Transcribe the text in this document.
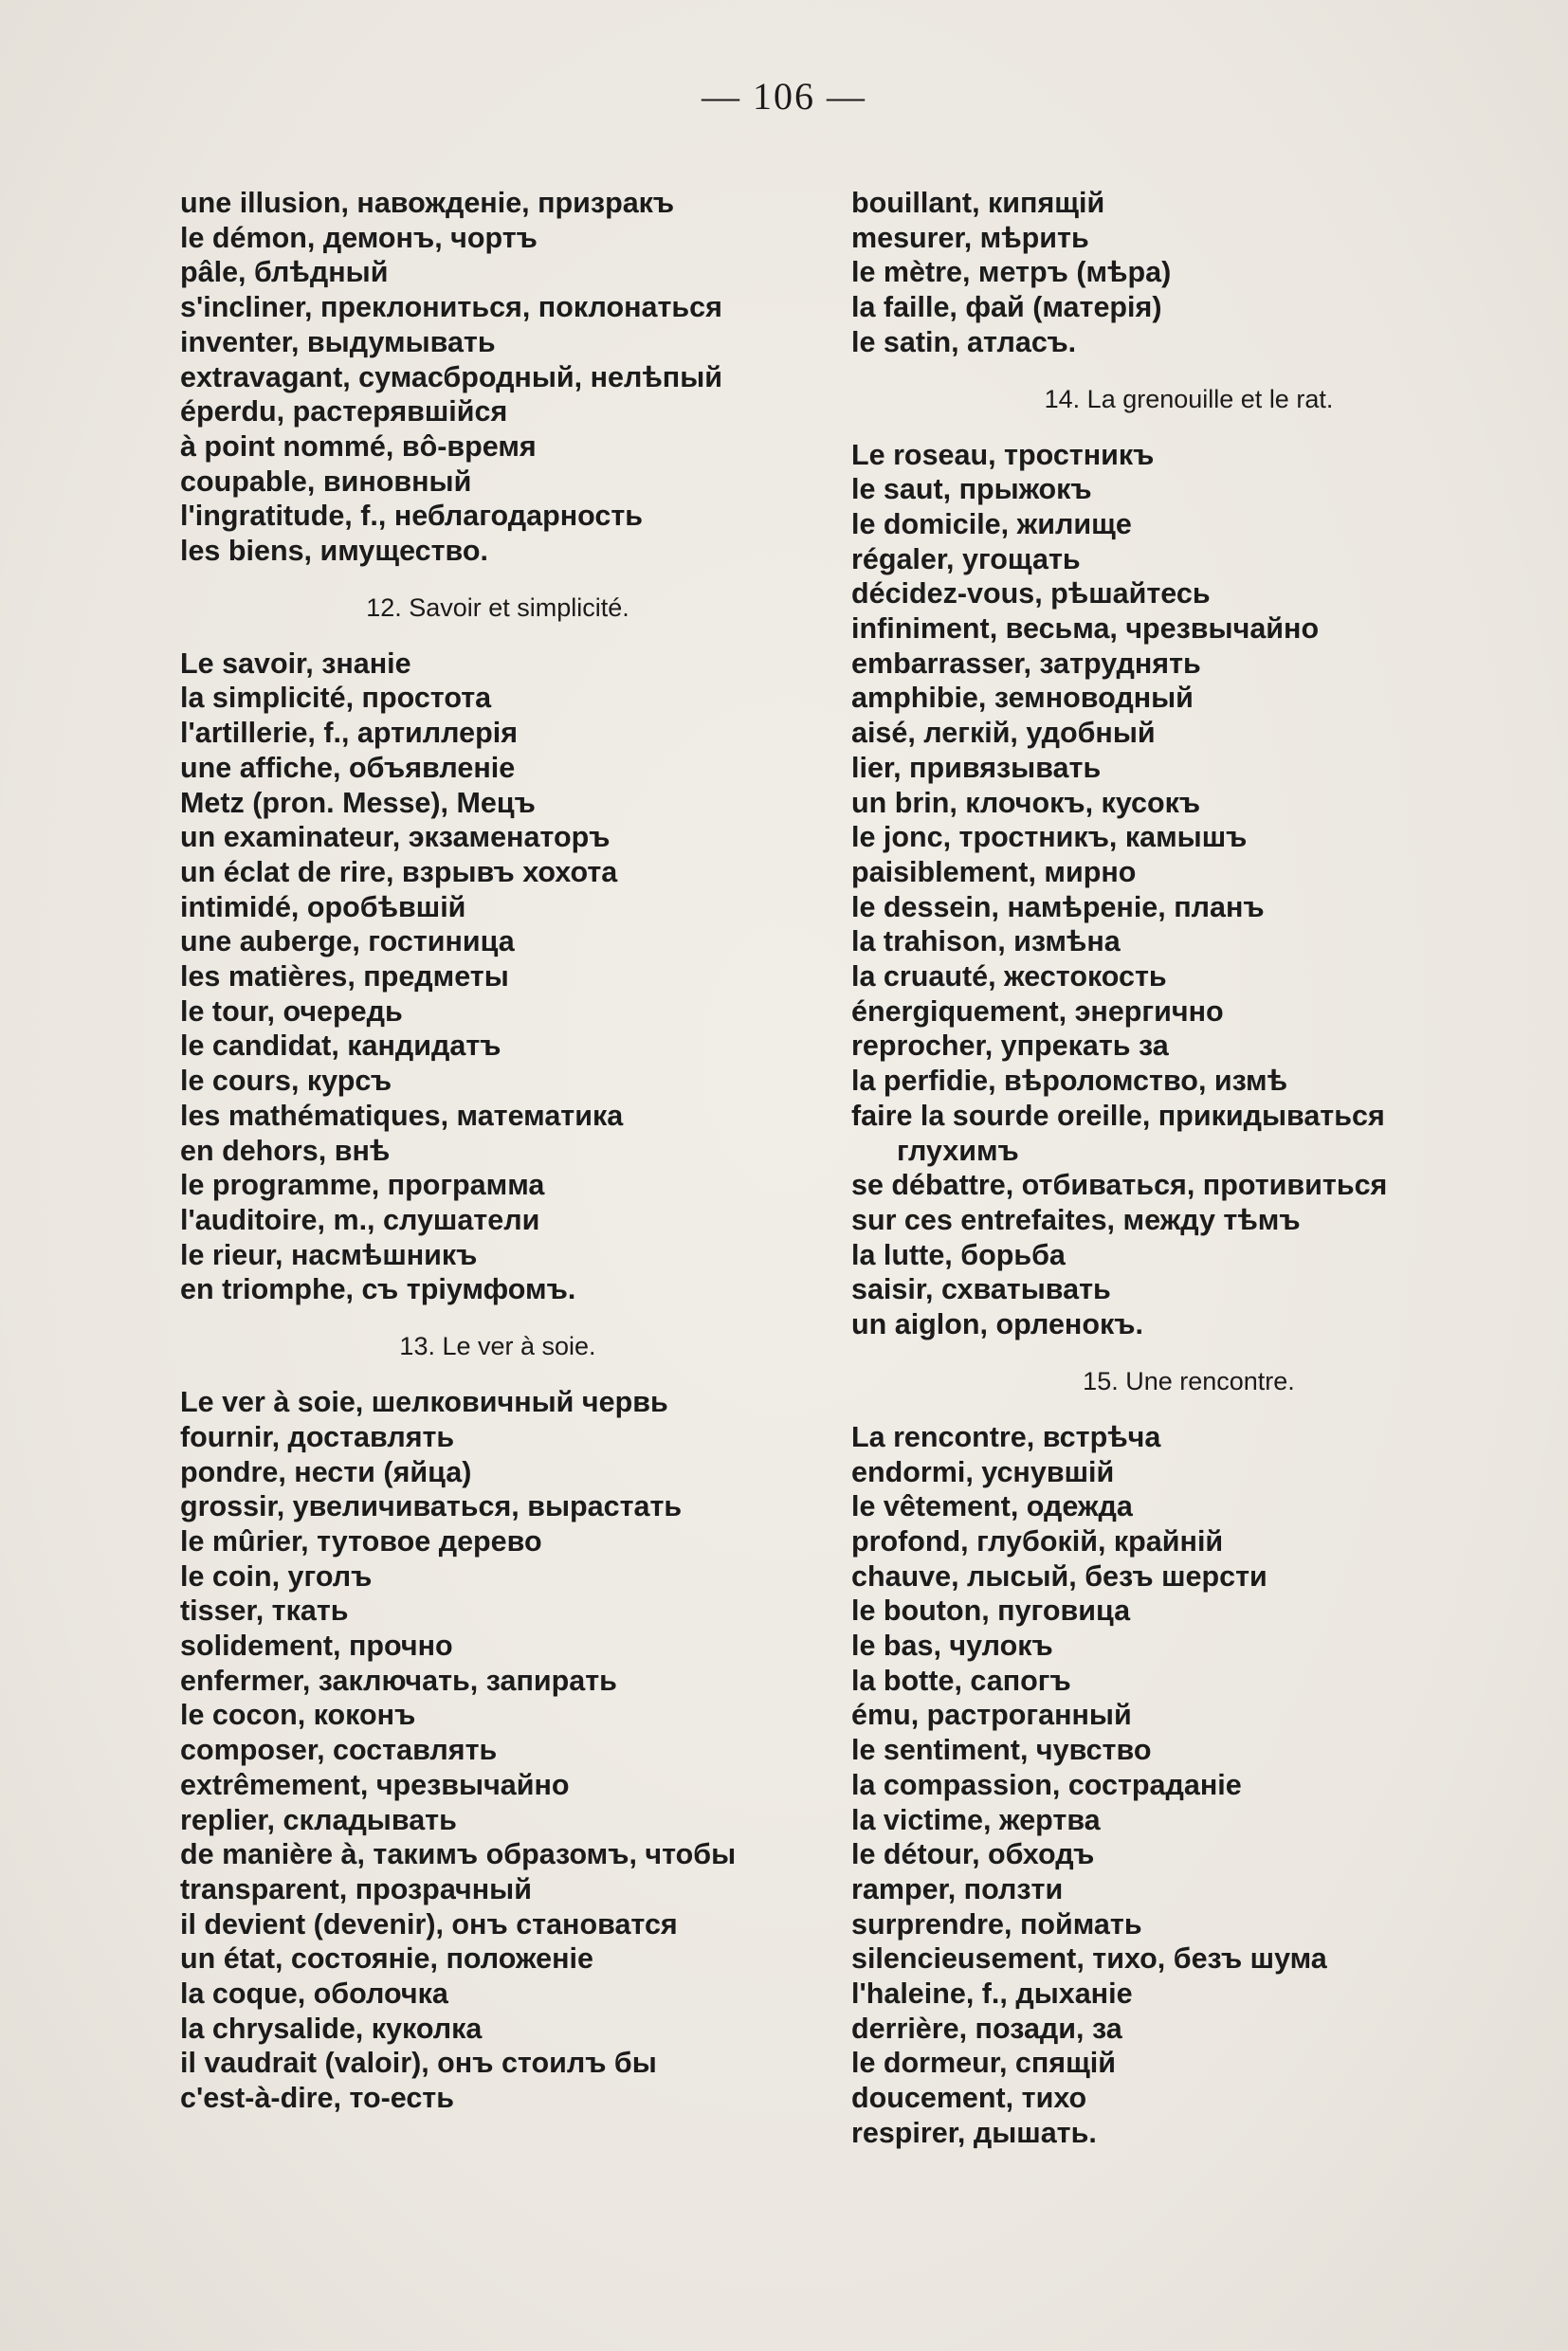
— 106 —
une illusion, навожденіе, призракъ
le démon, демонъ, чортъ
pâle, блѣдный
s'incliner, преклониться, поклонаться
inventer, выдумывать
extravagant, сумасбродный, нелѣпый
éperdu, растерявшійся
à point nommé, вô-время
coupable, виновный
l'ingratitude, f., неблагодарность
les biens, имущество.
12. Savoir et simplicité.
Le savoir, знаніе
la simplicité, простота
l'artillerie, f., артиллерія
une affiche, объявленіе
Metz (pron. Messe), Мецъ
un examinateur, экзаменаторъ
un éclat de rire, взрывъ хохота
intimidé, оробѣвшій
une auberge, гостиница
les matières, предметы
le tour, очередь
le candidat, кандидатъ
le cours, курсъ
les mathématiques, математика
en dehors, внѣ
le programme, программа
l'auditoire, m., слушатели
le rieur, насмѣшникъ
en triomphe, съ тріумфомъ.
13. Le ver à soie.
Le ver à soie, шелковичный червь
fournir, доставлять
pondre, нести (яйца)
grossir, увеличиваться, вырастать
le mûrier, тутовое дерево
le coin, уголъ
tisser, ткать
solidement, прочно
enfermer, заключать, запирать
le cocon, коконъ
composer, составлять
extrêmement, чрезвычайно
replier, складывать
de manière à, такимъ образомъ, чтобы
transparent, прозрачный
il devient (devenir), онъ становатся
un état, состояніе, положеніе
la coque, оболочка
la chrysalide, куколка
il vaudrait (valoir), онъ стоилъ бы
c'est-à-dire, то-есть
bouillant, кипящій
mesurer, мѣрить
le mètre, метръ (мѣра)
la faille, фай (матерія)
le satin, атласъ.
14. La grenouille et le rat.
Le roseau, тростникъ
le saut, прыжокъ
le domicile, жилище
régaler, угощать
décidez-vous, рѣшайтесь
infiniment, весьма, чрезвычайно
embarrasser, затруднять
amphibie, земноводный
aisé, легкій, удобный
lier, привязывать
un brin, клочокъ, кусокъ
le jonc, тростникъ, камышъ
paisiblement, мирно
le dessein, намѣреніе, планъ
la trahison, измѣна
la cruauté, жестокость
énergiquement, энергично
reprocher, упрекать за
la perfidie, вѣроломство, измѣ
faire la sourde oreille, прикидываться
глухимъ
se débattre, отбиваться, противиться
sur ces entrefaites, между тѣмъ
la lutte, борьба
saisir, схватывать
un aiglon, орленокъ.
15. Une rencontre.
La rencontre, встрѣча
endormi, уснувшій
le vêtement, одежда
profond, глубокій, крайній
chauve, лысый, безъ шерсти
le bouton, пуговица
le bas, чулокъ
la botte, сапогъ
ému, растроганный
le sentiment, чувство
la compassion, состраданіе
la victime, жертва
le détour, обходъ
ramper, ползти
surprendre, поймать
silencieusement, тихо, безъ шума
l'haleine, f., дыханіе
derrière, позади, за
le dormeur, спящій
doucement, тихо
respirer, дышать.
